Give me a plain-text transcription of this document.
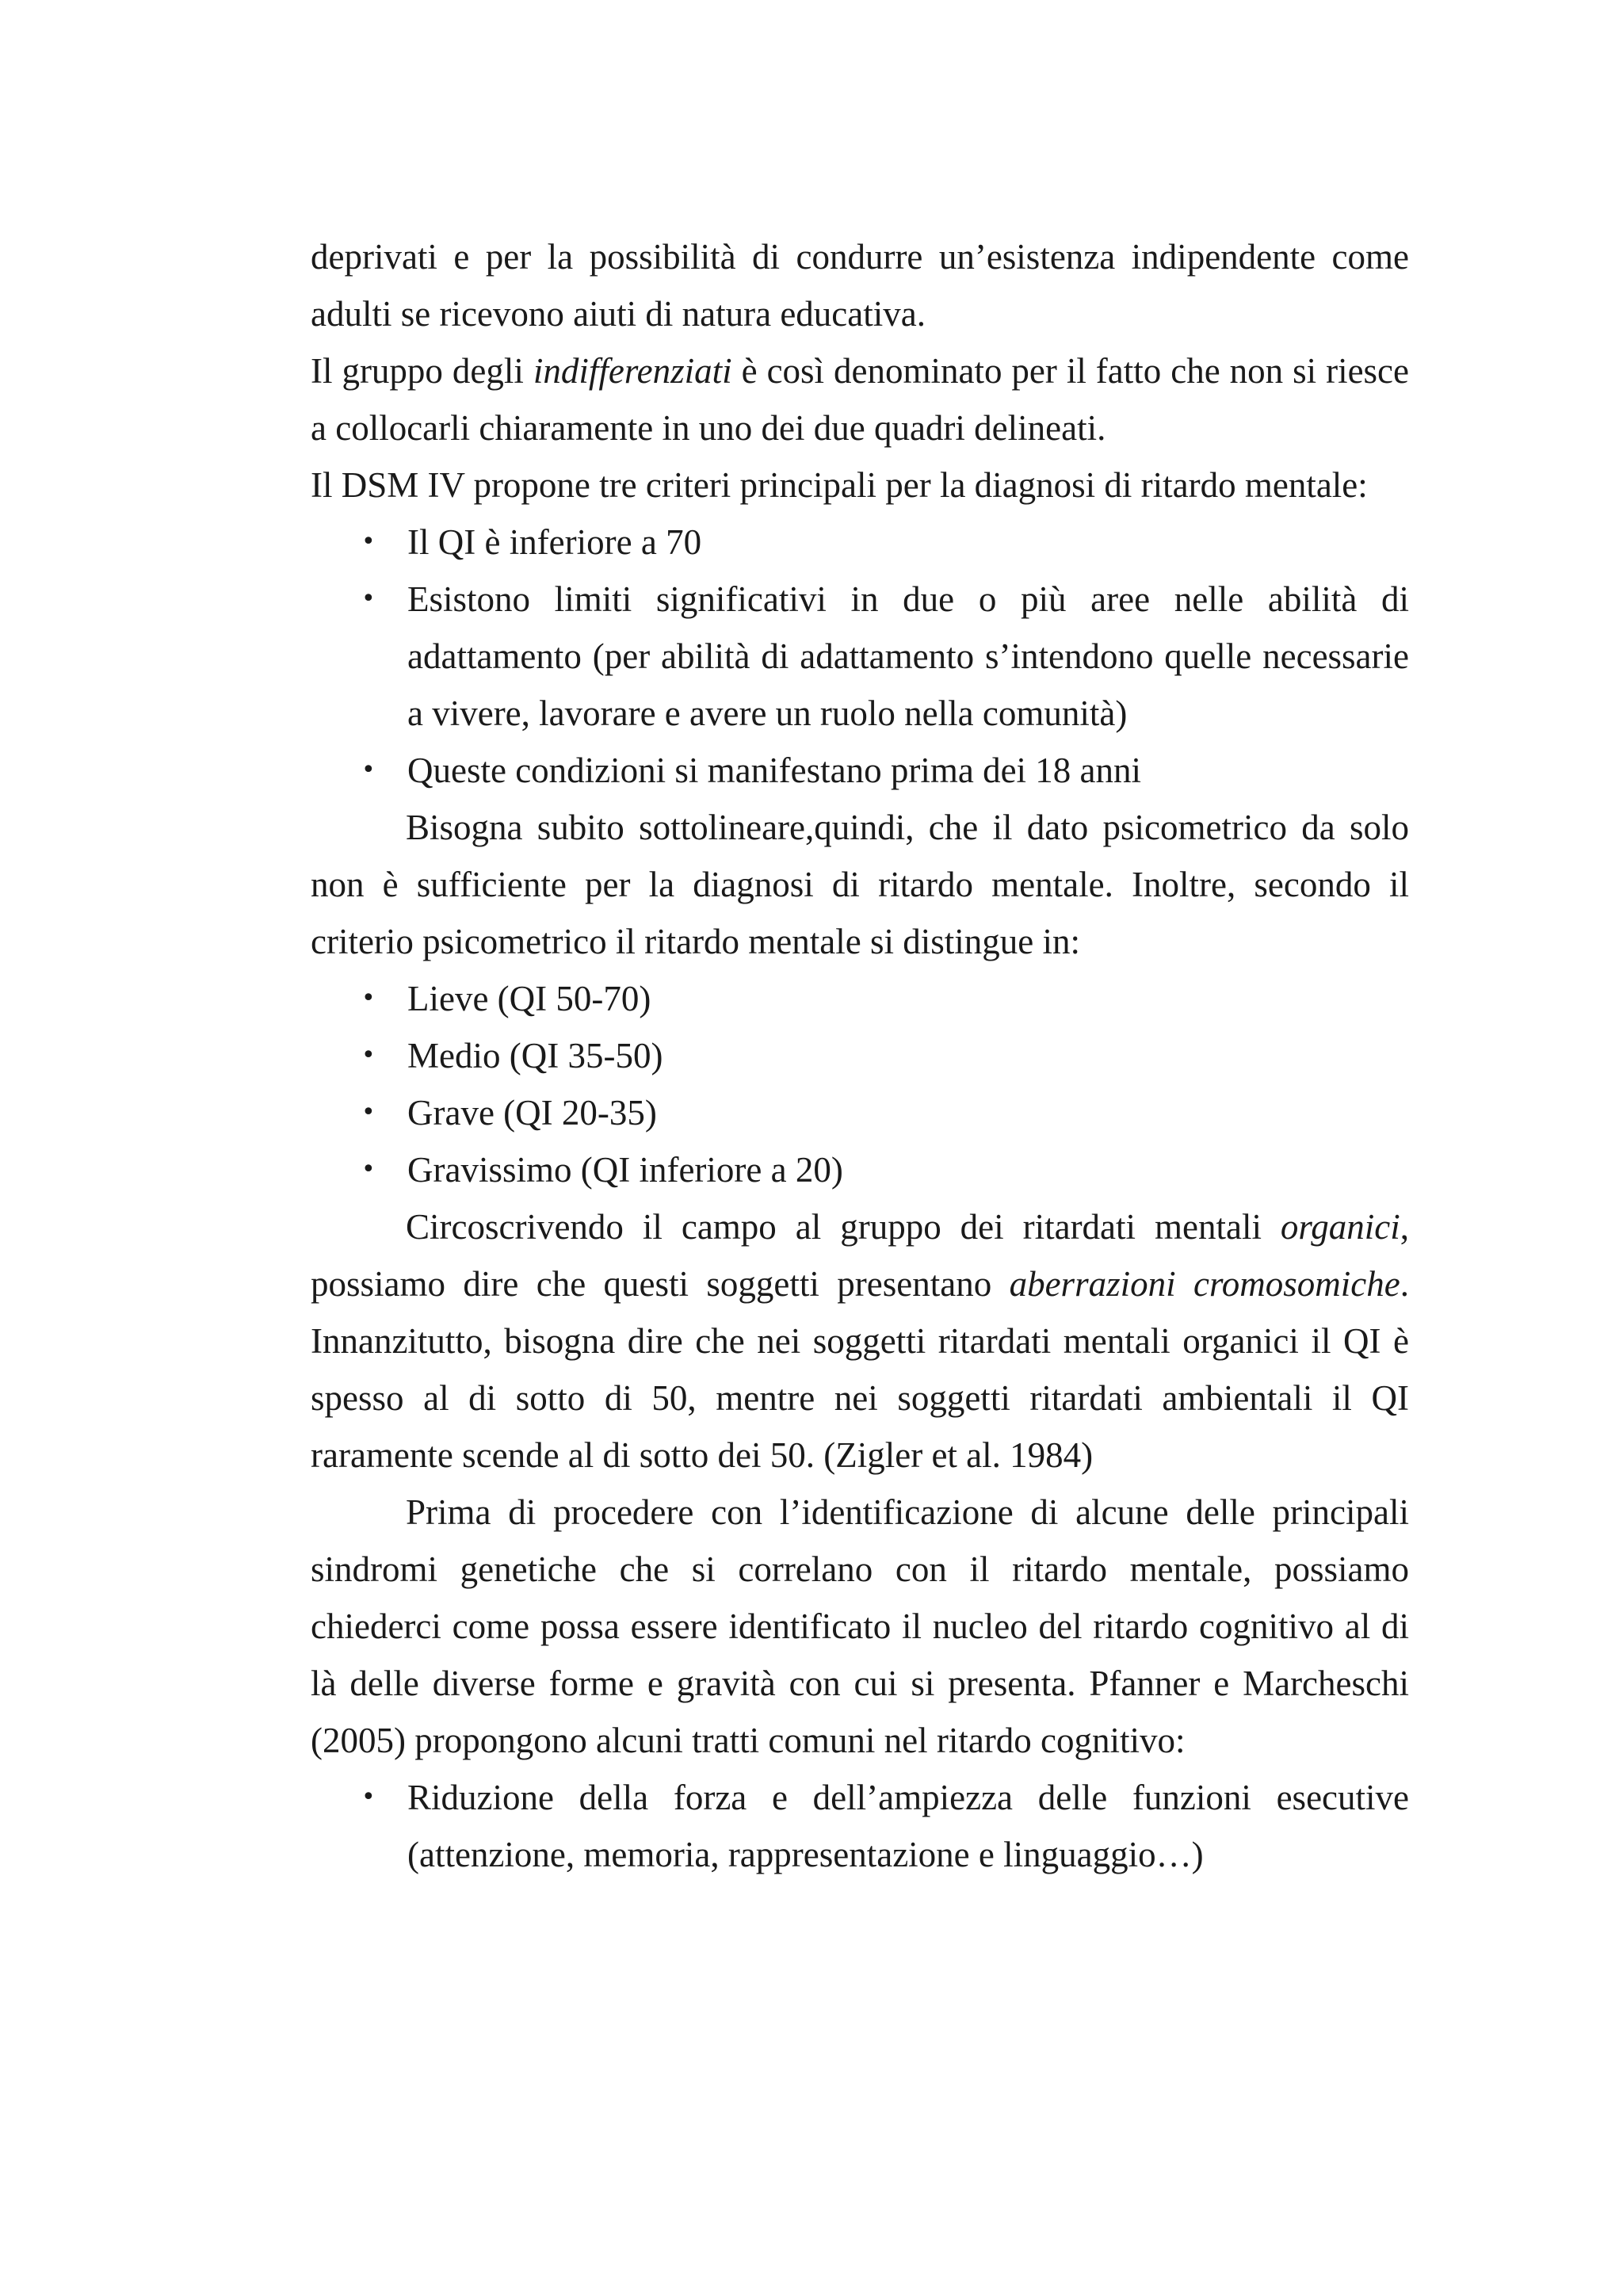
deprivati e per la possibilità di condurre un’esistenza indipendente come adulti se ricevono aiuti di natura educativa.

Il gruppo degli indifferenziati è così denominato per il fatto che non si riesce a collocarli chiaramente in uno dei due quadri delineati.

Il DSM IV propone tre criteri principali per la diagnosi di ritardo mentale:

• Il QI è inferiore a 70
• Esistono limiti significativi in due o più aree nelle abilità di adattamento (per abilità di adattamento s’intendono quelle necessarie a vivere, lavorare e avere un ruolo nella comunità)
• Queste condizioni si manifestano prima dei 18 anni

Bisogna subito sottolineare,quindi, che il dato psicometrico da solo non è sufficiente per la diagnosi di ritardo mentale. Inoltre, secondo il criterio psicometrico il ritardo mentale si distingue in:

• Lieve (QI 50-70)
• Medio (QI 35-50)
• Grave (QI 20-35)
• Gravissimo (QI inferiore a 20)

Circoscrivendo il campo al gruppo dei ritardati mentali organici, possiamo dire che questi soggetti presentano aberrazioni cromosomiche. Innanzitutto, bisogna dire che nei soggetti ritardati mentali organici il QI è spesso al di sotto di 50, mentre nei soggetti ritardati ambientali il QI raramente scende al di sotto dei 50. (Zigler et al. 1984)

Prima di procedere con l’identificazione di alcune delle principali sindromi genetiche che si correlano con il ritardo mentale, possiamo chiederci come possa essere identificato il nucleo del ritardo cognitivo al di là delle diverse forme e gravità con cui si presenta. Pfanner e Marcheschi (2005) propongono alcuni tratti comuni nel ritardo cognitivo:

• Riduzione della forza e dell’ampiezza delle funzioni esecutive (attenzione, memoria, rappresentazione e linguaggio…)
